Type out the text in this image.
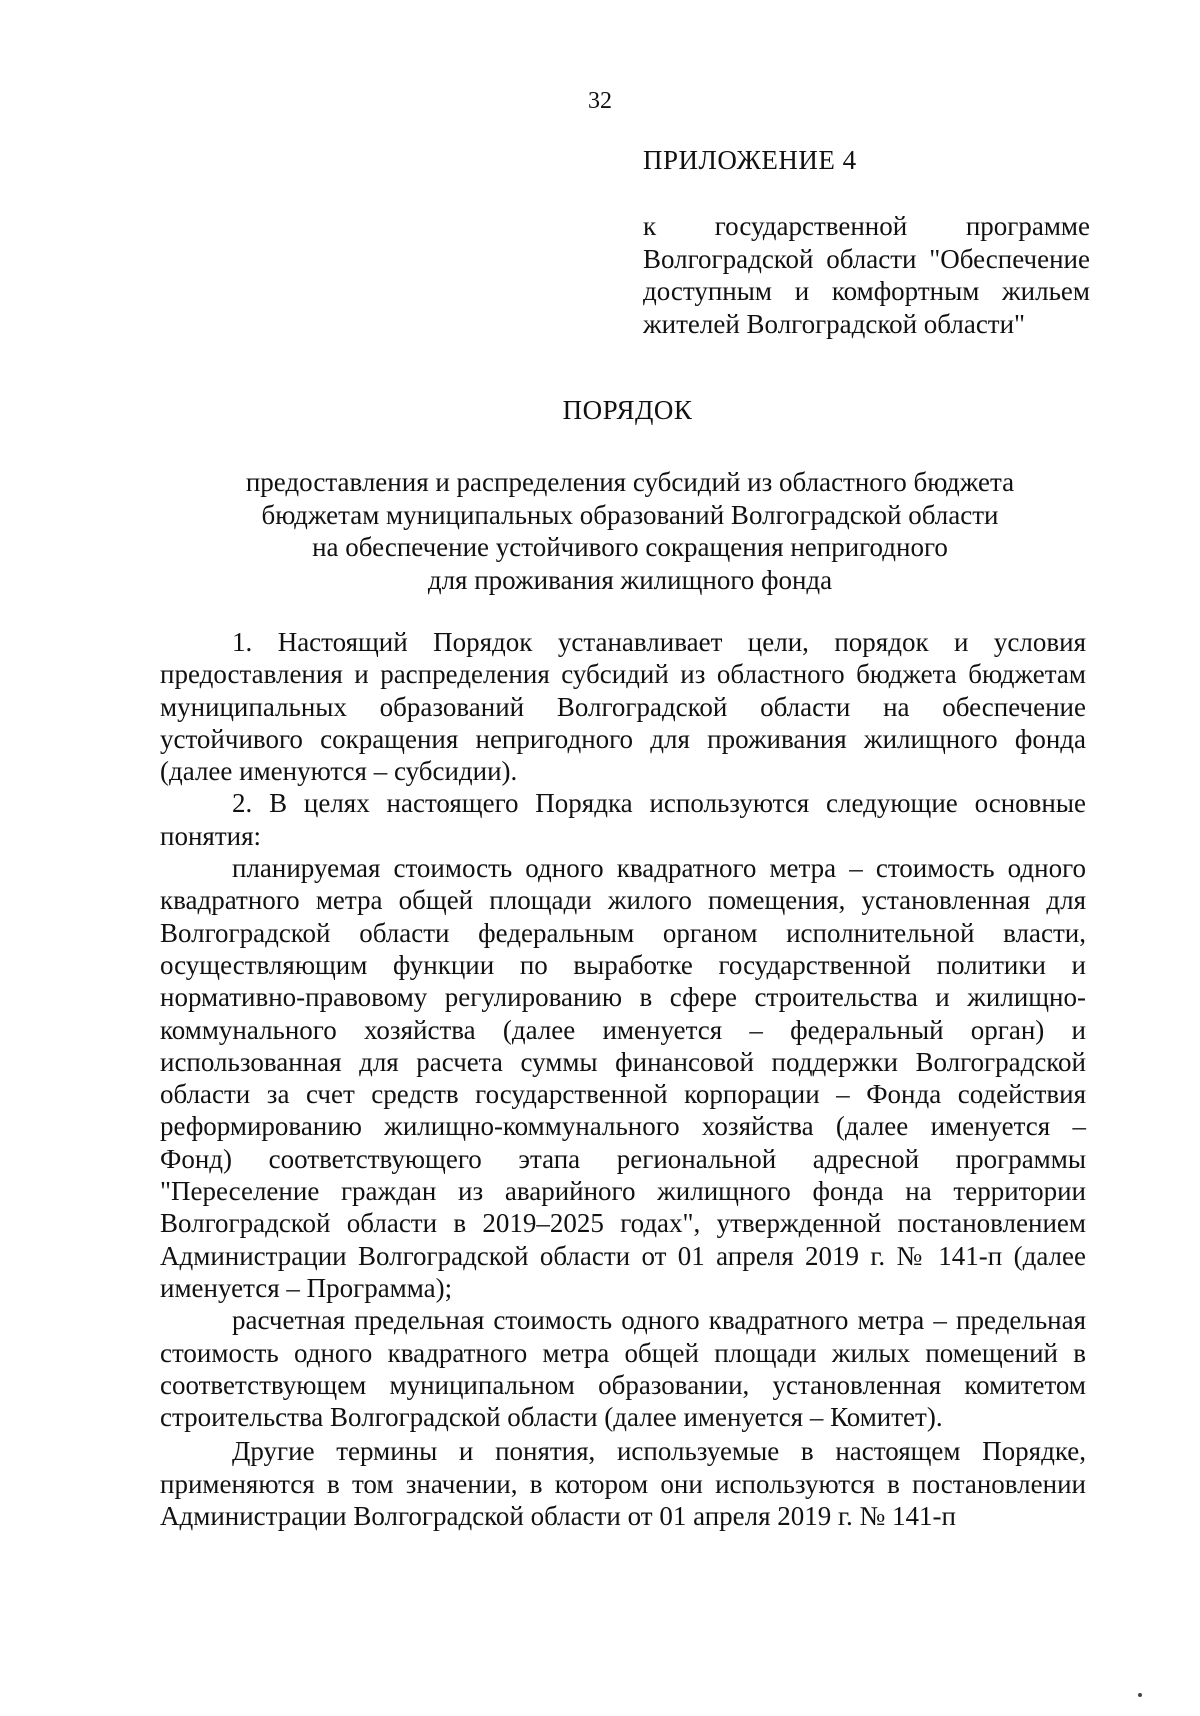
32
ПРИЛОЖЕНИЕ 4
к государственной программе Волгоградской области "Обеспечение доступным и комфортным жильем жителей Волгоградской области"
ПОРЯДОК
предоставления и распределения субсидий из областного бюджета
бюджетам муниципальных образований Волгоградской области
на обеспечение устойчивого сокращения непригодного
для проживания жилищного фонда

1. Настоящий Порядок устанавливает цели, порядок и условия предоставления и распределения субсидий из областного бюджета бюджетам муниципальных образований Волгоградской области на обеспечение устойчивого сокращения непригодного для проживания жилищного фонда (далее именуются – субсидии).

2. В целях настоящего Порядка используются следующие основные понятия:

планируемая стоимость одного квадратного метра – стоимость одного квадратного метра общей площади жилого помещения, установленная для Волгоградской области федеральным органом исполнительной власти, осуществляющим функции по выработке государственной политики и нормативно-правовому регулированию в сфере строительства и жилищно-коммунального хозяйства (далее именуется – федеральный орган) и использованная для расчета суммы финансовой поддержки Волгоградской области за счет средств государственной корпорации – Фонда содействия реформированию жилищно-коммунального хозяйства (далее именуется – Фонд) соответствующего этапа региональной адресной программы "Переселение граждан из аварийного жилищного фонда на территории Волгоградской области в 2019–2025 годах", утвержденной постановлением Администрации Волгоградской области от 01 апреля 2019 г. № 141-п (далее именуется – Программа);

расчетная предельная стоимость одного квадратного метра – предельная стоимость одного квадратного метра общей площади жилых помещений в соответствующем муниципальном образовании, установленная комитетом строительства Волгоградской области (далее именуется – Комитет).

Другие термины и понятия, используемые в настоящем Порядке, применяются в том значении, в котором они используются в постановлении Администрации Волгоградской области от 01 апреля 2019 г. № 141-п
